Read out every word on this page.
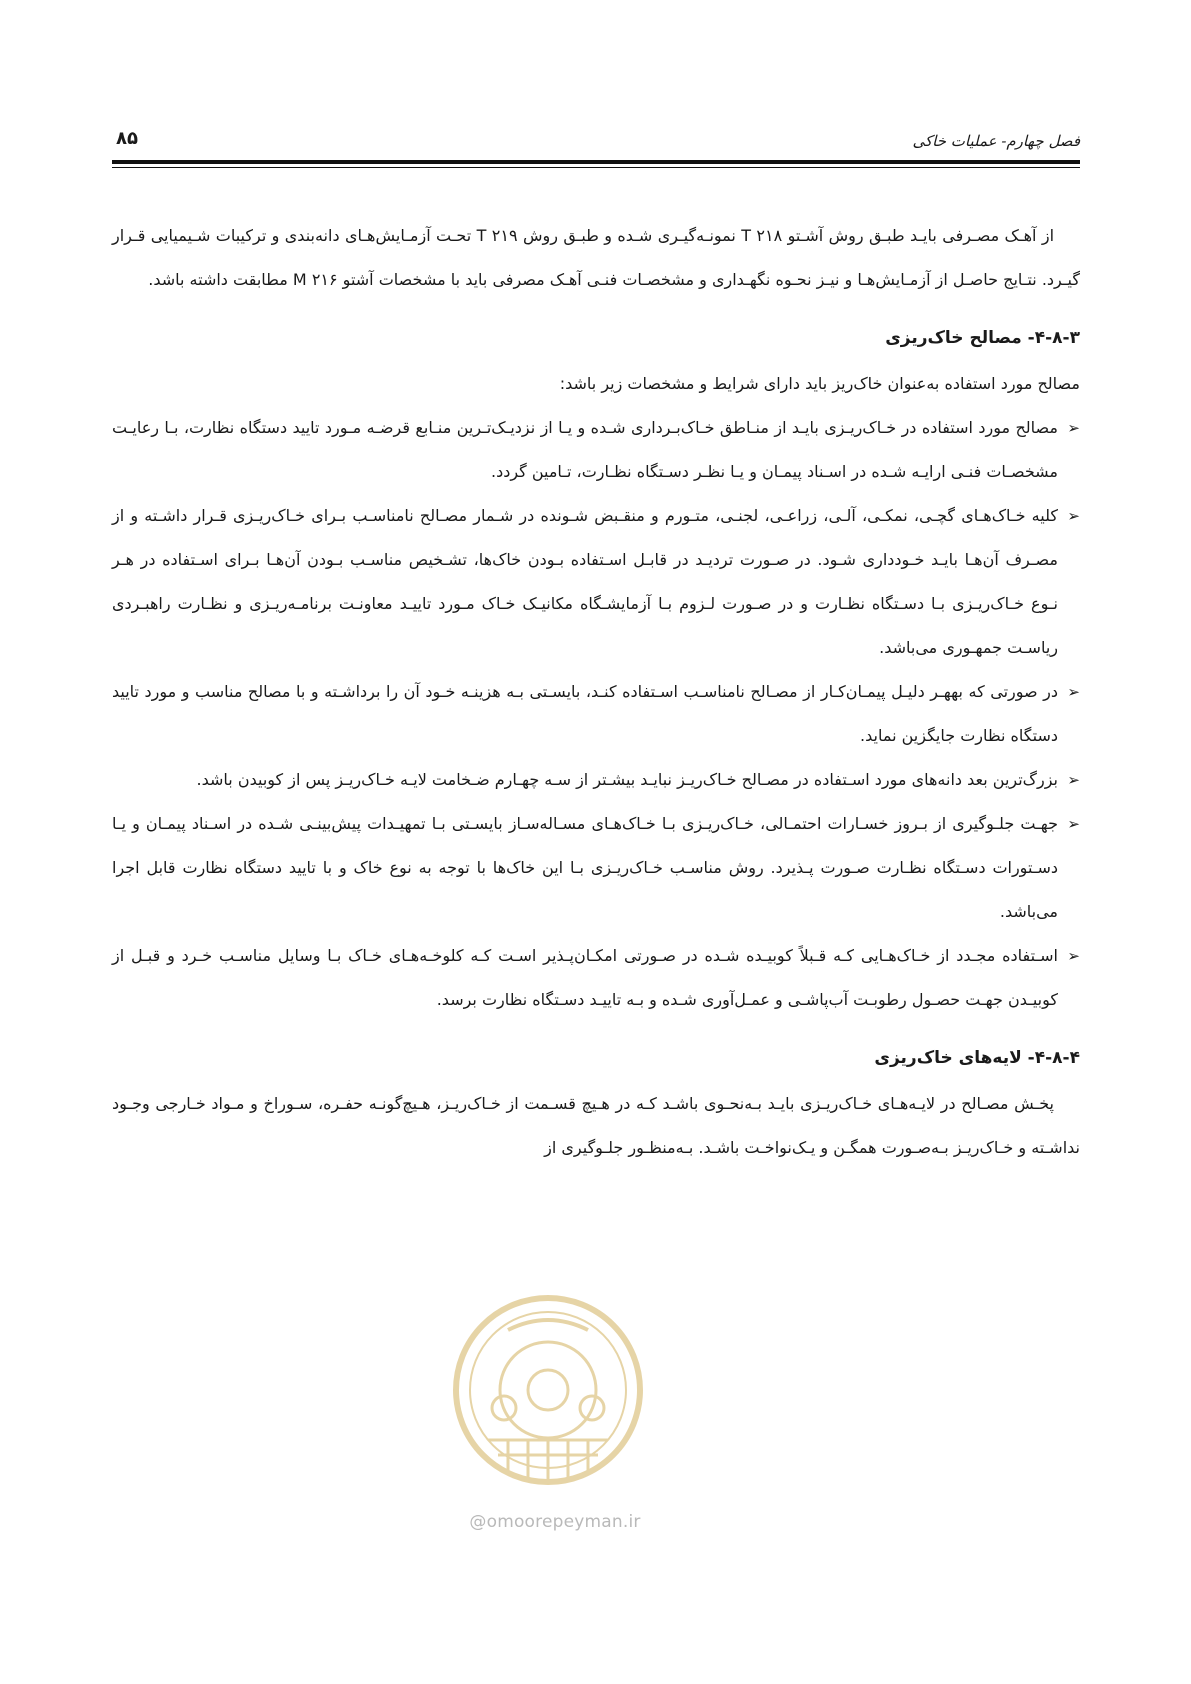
۸۵	فصل چهارم- عملیات خاکی

از آهـک مصـرفی بایـد طبـق روش آشـتو T ۲۱۸ نمونـه‌گیـری شـده و طبـق روش T ۲۱۹ تحـت آزمـایش‌هـای دانه‌بندی و ترکیبات شـیمیایی قـرار گیـرد. نتـایج حاصـل از آزمـایش‌هـا و نیـز نحـوه نگهـداری و مشخصـات فنـی آهـک مصرفی باید با مشخصات آشتو M ۲۱۶ مطابقت داشته باشد.

۴-۸-۳- مصالح خاک‌ریزی

مصالح مورد استفاده به‌عنوان خاک‌ریز باید دارای شرایط و مشخصات زیر باشد:

➢
مصالح مورد استفاده در خـاک‌ریـزی بایـد از منـاطق خـاک‌بـرداری شـده و یـا از نزدیـک‌تـرین منـابع قرضـه مـورد تایید دستگاه نظارت، بـا رعایـت مشخصـات فنـی ارایـه شـده در اسـناد پیمـان و یـا نظـر دسـتگاه نظـارت، تـامین گردد.
➢
کلیه خـاک‌هـای گچـی، نمکـی، آلـی، زراعـی، لجنـی، متـورم و منقـبض شـونده در شـمار مصـالح نامناسـب بـرای خـاک‌ریـزی قـرار داشـته و از مصـرف آن‌هـا بایـد خـودداری شـود. در صـورت تردیـد در قابـل اسـتفاده بـودن خاک‌ها، تشـخیص مناسـب بـودن آن‌هـا بـرای اسـتفاده در هـر نـوع خـاک‌ریـزی بـا دسـتگاه نظـارت و در صـورت لـزوم بـا آزمایشـگاه مکانیـک خـاک مـورد تاییـد معاونـت برنامـه‌ریـزی و نظـارت راهبـردی ریاسـت جمهـوری می‌باشد.
➢
در صورتی که بههـر دلیـل پیمـان‌کـار از مصـالح نامناسـب اسـتفاده کنـد، بایسـتی بـه هزینـه خـود آن را برداشـته و با مصالح مناسب و مورد تایید دستگاه نظارت جایگزین نماید.
➢
بزرگ‌ترین بعد دانه‌های مورد اسـتفاده در مصـالح خـاک‌ریـز نبایـد بیشـتر از سـه چهـارم ضـخامت لایـه خـاک‌ریـز پس از کوبیدن باشد.
➢
جهـت جلـوگیری از بـروز خسـارات احتمـالی، خـاک‌ریـزی بـا خـاک‌هـای مسـاله‌سـاز بایسـتی بـا تمهیـدات پیش‌بینـی شـده در اسـناد پیمـان و یـا دسـتورات دسـتگاه نظـارت صـورت پـذیرد. روش مناسـب خـاک‌ریـزی بـا این خاک‌ها با توجه به نوع خاک و با تایید دستگاه نظارت قابل اجرا می‌باشد.
➢
اسـتفاده مجـدد از خـاک‌هـایی کـه قـبلاً کوبیـده شـده در صـورتی امکـان‌پـذیر اسـت کـه کلوخـه‌هـای خـاک بـا وسایل مناسـب خـرد و قبـل از کوبیـدن جهـت حصـول رطوبـت آب‌پاشـی و عمـل‌آوری شـده و بـه تاییـد دسـتگاه نظارت برسد.
۴-۸-۴- لایه‌های خاک‌ریزی

پخـش مصـالح در لایـه‌هـای خـاک‌ریـزی بایـد بـه‌نحـوی باشـد کـه در هـیچ قسـمت از خـاک‌ریـز، هـیچ‌گونـه حفـره، سـوراخ و مـواد خـارجی وجـود نداشـته و خـاک‌ریـز بـه‌صـورت همگـن و یـک‌نواخـت باشـد. بـه‌منظـور جلـوگیری از

@omoorepeyman.ir
